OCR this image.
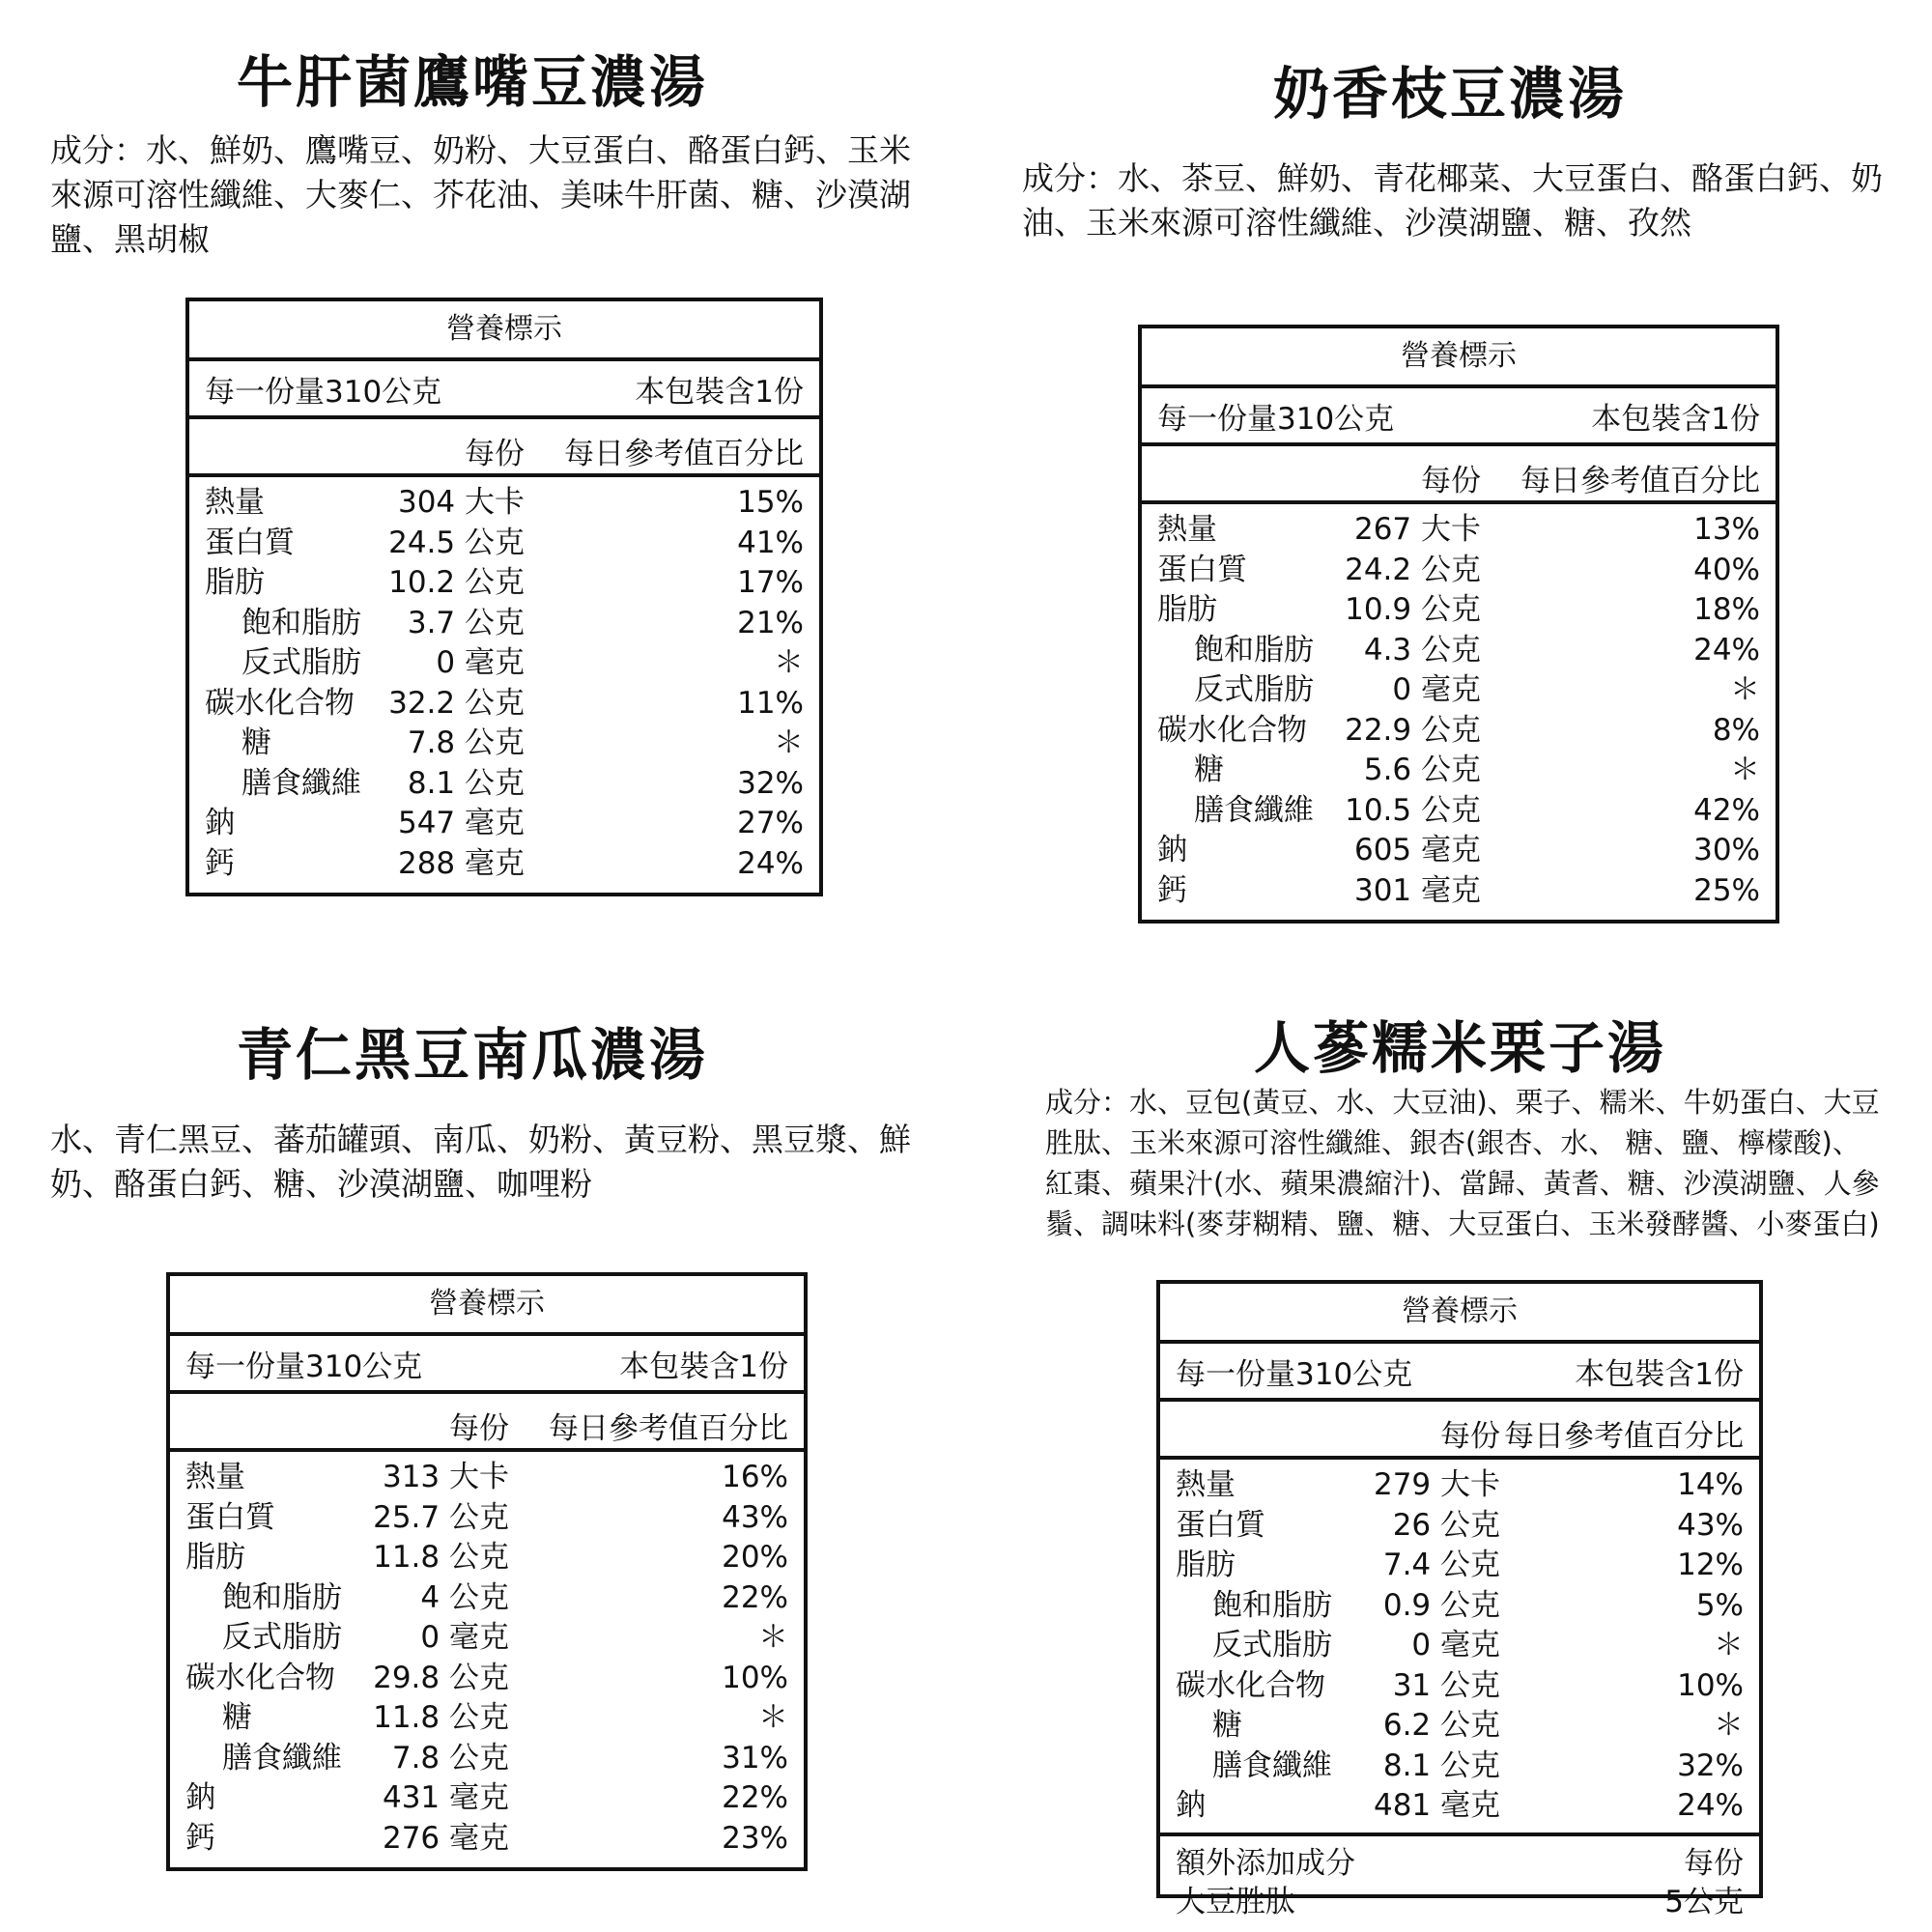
牛肝菌鷹嘴豆濃湯
成分：水、鮮奶、鷹嘴豆、奶粉、大豆蛋白、酪蛋白鈣、玉米來源可溶性纖維、大麥仁、芥花油、美味牛肝菌、糖、沙漠湖鹽、黑胡椒
營養標示
每一份量310公克	本包裝含1份
每份 每日參考值百分比
熱量	304 大卡	15%
蛋白質	24.5 公克	41%
脂肪	10.2 公克	17%
飽和脂肪 3.7 公克	21%
反式脂肪 0 毫克	＊
碳水化合物 32.2 公克	11%
糖	7.8 公克	＊
膳食纖維 8.1 公克	32%
鈉	547 毫克	27%
鈣	288 毫克	24%
奶香枝豆濃湯
成分：水、茶豆、鮮奶、青花椰菜、大豆蛋白、酪蛋白鈣、奶油、玉米來源可溶性纖維、沙漠湖鹽、糖、孜然
營養標示
每一份量310公克	本包裝含1份
每份 每日參考值百分比
熱量	267 大卡	13%
蛋白質	24.2 公克	40%
脂肪	10.9 公克	18%
飽和脂肪 4.3 公克	24%
反式脂肪	0 毫克	＊
碳水化合物 22.9 公克	8%
糖	5.6 公克	＊
膳食纖維 10.5 公克	42%
鈉	605 毫克	30%
鈣	301 毫克	25%
青仁黑豆南瓜濃湯
水、青仁黑豆、蕃茄罐頭、南瓜、奶粉、黃豆粉、黑豆漿、鮮奶、酪蛋白鈣、糖、沙漠湖鹽、咖哩粉
營養標示
每一份量310公克	本包裝含1份
每份 每日參考值百分比
熱量	313 大卡	16%
蛋白質	25.7 公克	43%
脂肪	11.8 公克	20%
飽和脂肪	4 公克	22%
反式脂肪	0 毫克	＊
碳水化合物 29.8 公克	10%
糖	11.8 公克	＊
膳食纖維 7.8 公克	31%
鈉	431 毫克	22%
鈣	276 毫克	23%
人蔘糯米栗子湯
成分：水、豆包(黃豆、水、大豆油)、栗子、糯米、牛奶蛋白、大豆胜肽、玉米來源可溶性纖維、銀杏(銀杏、水、 糖、鹽、檸檬酸)、紅棗、蘋果汁(水、蘋果濃縮汁)、當歸、黃耆、糖、沙漠湖鹽、人參鬚、調味料(麥芽糊精、鹽、糖、大豆蛋白、玉米發酵醬、小麥蛋白)
營養標示
每一份量310公克	本包裝含1份
每份 每日參考值百分比
熱量	279 大卡	14%
蛋白質	26 公克	43%
脂肪	7.4 公克	12%
飽和脂肪 0.9 公克	5%
反式脂肪	0 毫克	＊
碳水化合物 31 公克	10%
糖	6.2 公克	＊
膳食纖維 8.1 公克	32%
鈉	481 毫克	24%
額外添加成分	每份
大豆胜肽	5公克
